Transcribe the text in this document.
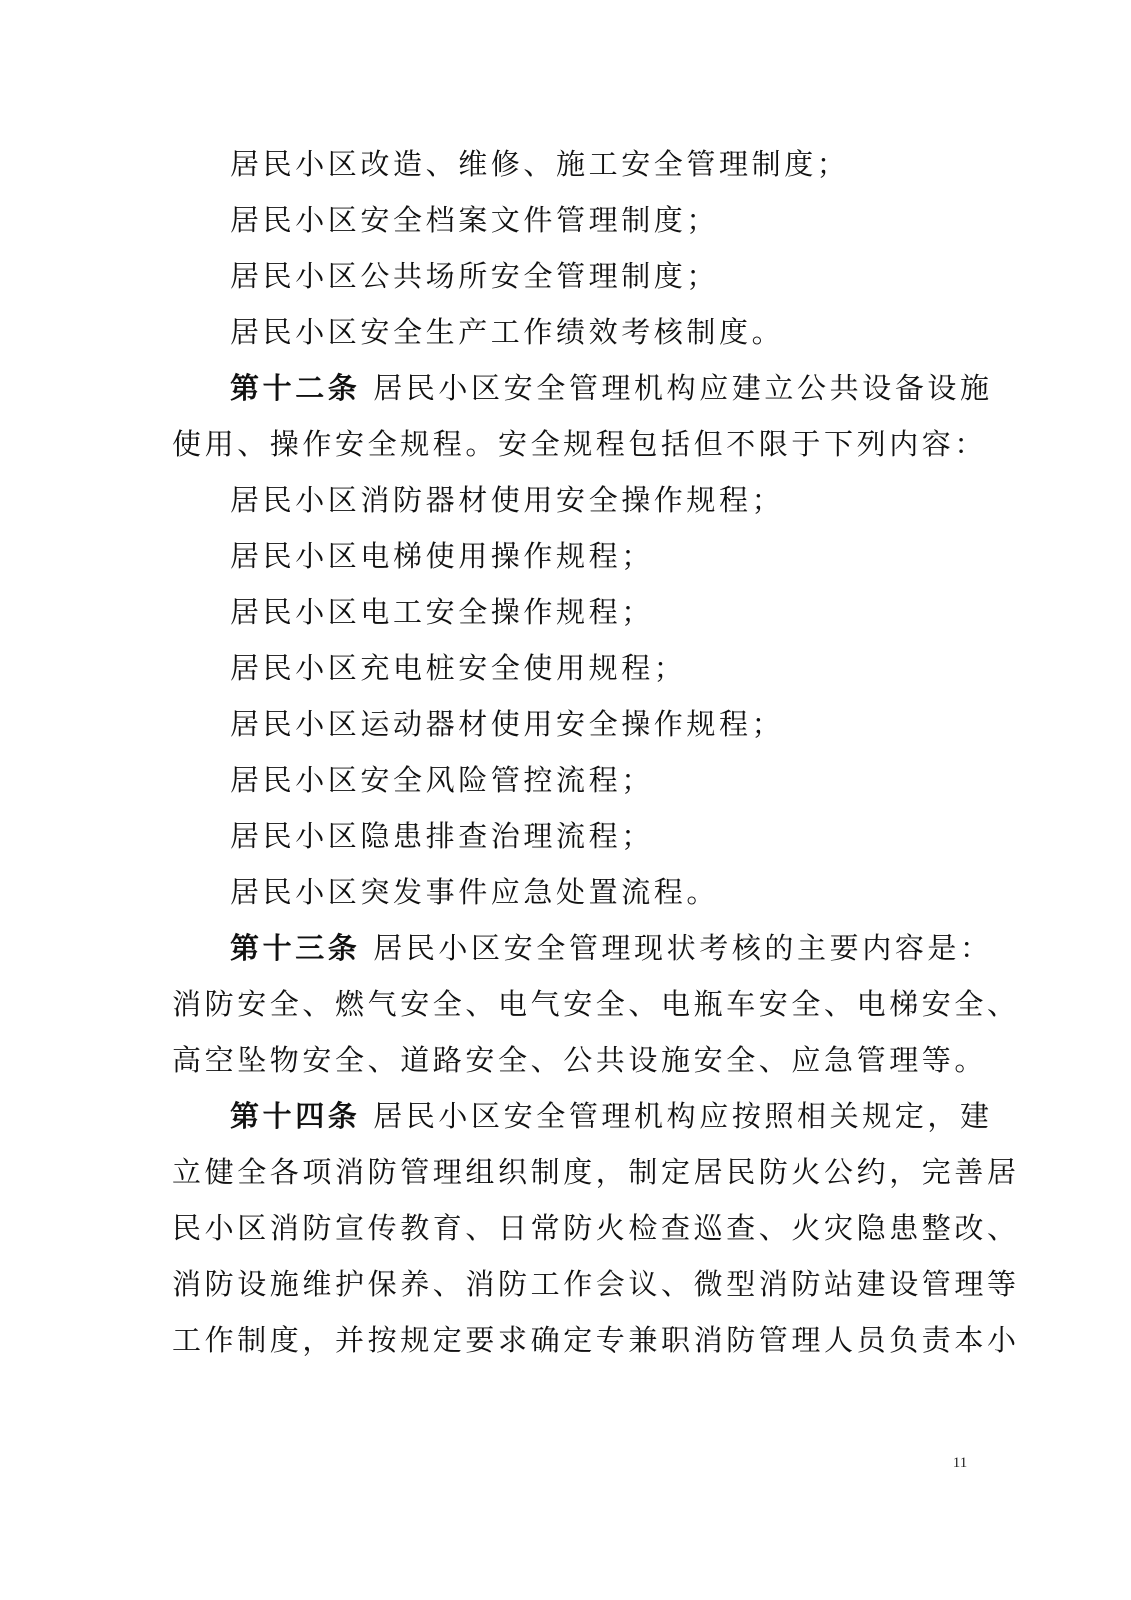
居民小区改造、维修、施工安全管理制度；

居民小区安全档案文件管理制度；

居民小区公共场所安全管理制度；

居民小区安全生产工作绩效考核制度。

第十二条 居民小区安全管理机构应建立公共设备设施

使用、操作安全规程。安全规程包括但不限于下列内容：

居民小区消防器材使用安全操作规程；

居民小区电梯使用操作规程；

居民小区电工安全操作规程；

居民小区充电桩安全使用规程；

居民小区运动器材使用安全操作规程；

居民小区安全风险管控流程；

居民小区隐患排查治理流程；

居民小区突发事件应急处置流程。

第十三条 居民小区安全管理现状考核的主要内容是：

消防安全、燃气安全、电气安全、电瓶车安全、电梯安全、

高空坠物安全、道路安全、公共设施安全、应急管理等。

第十四条 居民小区安全管理机构应按照相关规定，建

立健全各项消防管理组织制度，制定居民防火公约，完善居

民小区消防宣传教育、日常防火检查巡查、火灾隐患整改、

消防设施维护保养、消防工作会议、微型消防站建设管理等

工作制度，并按规定要求确定专兼职消防管理人员负责本小

11
